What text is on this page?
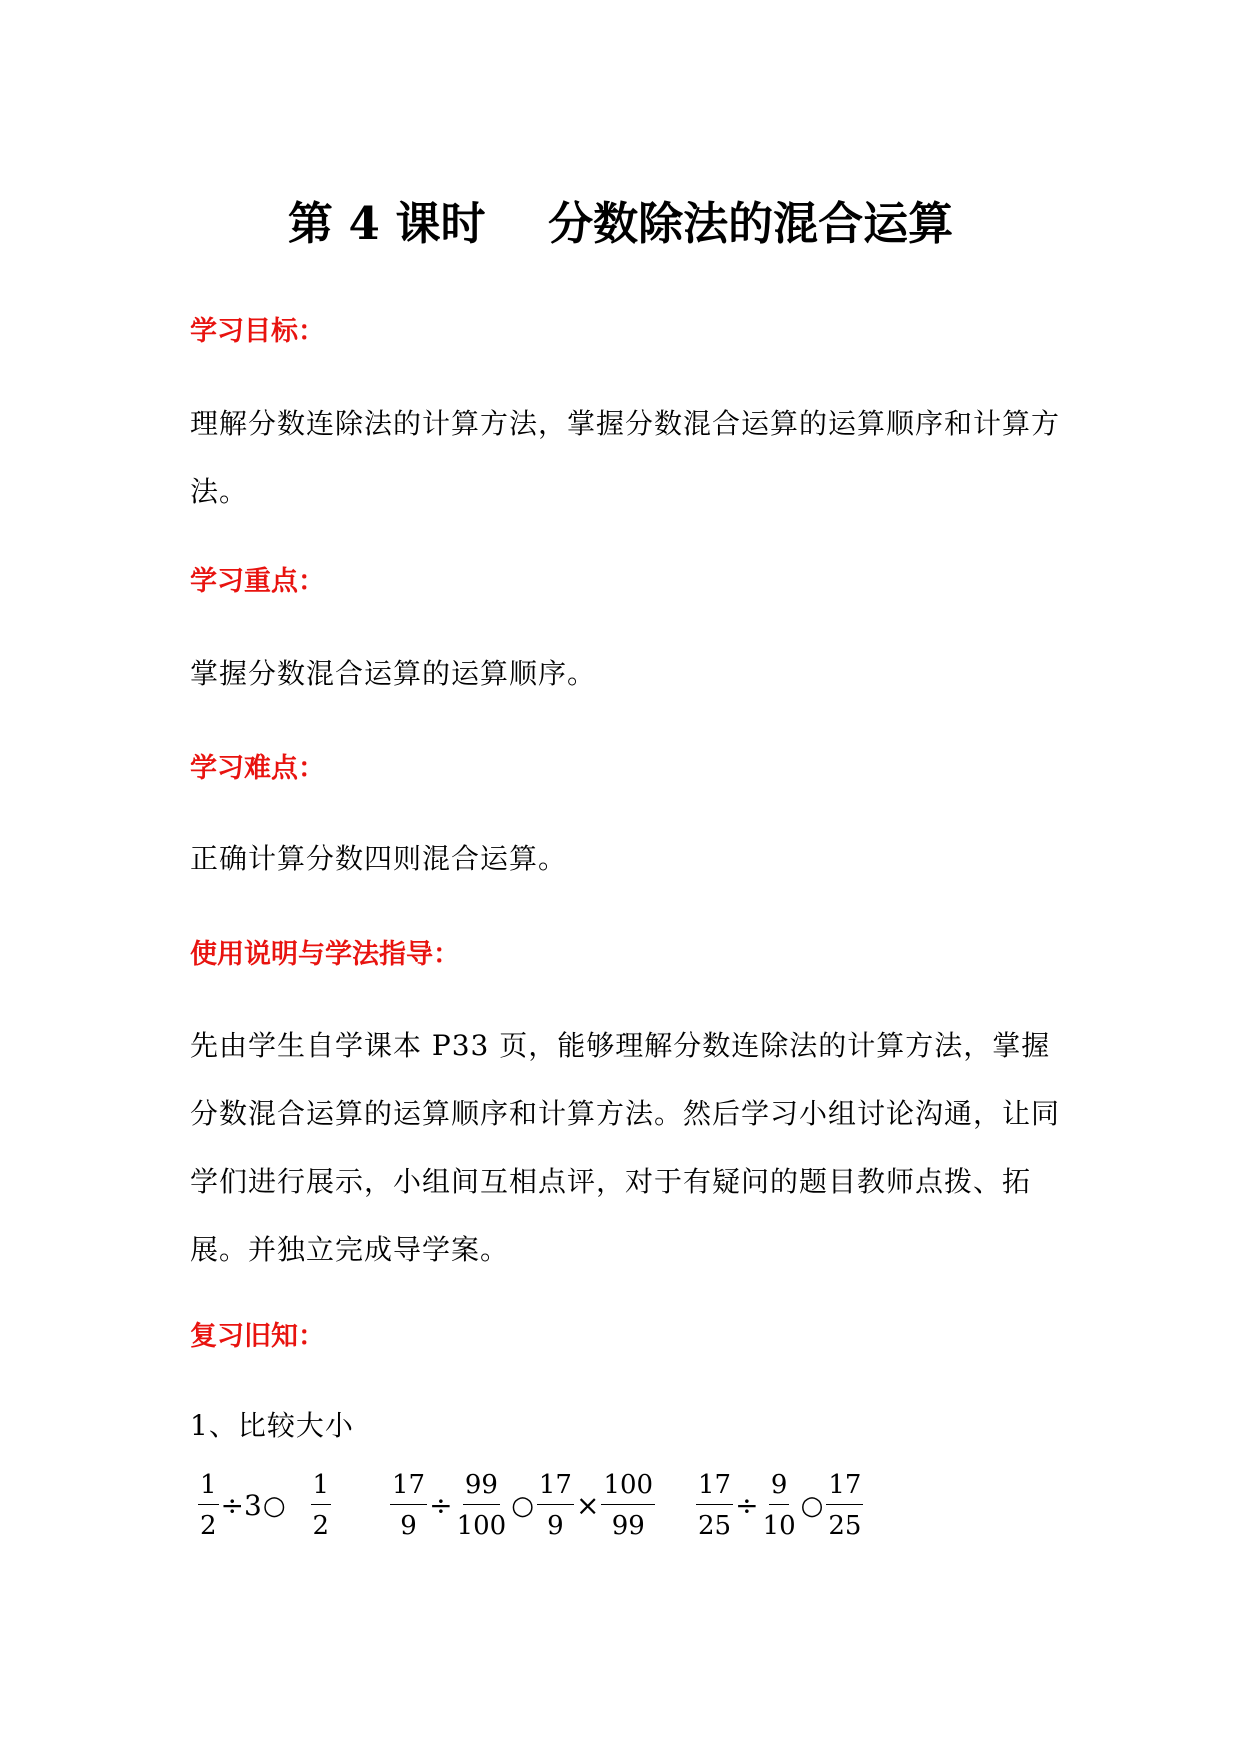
第 4 课时    分数除法的混合运算
学习目标：
理解分数连除法的计算方法，掌握分数混合运算的运算顺序和计算方法。
学习重点：
掌握分数混合运算的运算顺序。
学习难点：
正确计算分数四则混合运算。
使用说明与学法指导：
先由学生自学课本 P33 页，能够理解分数连除法的计算方法，掌握分数混合运算的运算顺序和计算方法。然后学习小组讨论沟通，让同学们进行展示，小组间互相点评，对于有疑问的题目教师点拨、拓展。并独立完成导学案。
复习旧知：
1、比较大小
$\frac{1}{2}$ ÷3○ $\frac{1}{2} \frac{17}{9} \div \frac{99}{100}$ ○ $\frac{17}{9} \times \frac{100}{99} \frac{17}{25} \div \frac{9}{10}$ ○ $\frac{17}{25}$
